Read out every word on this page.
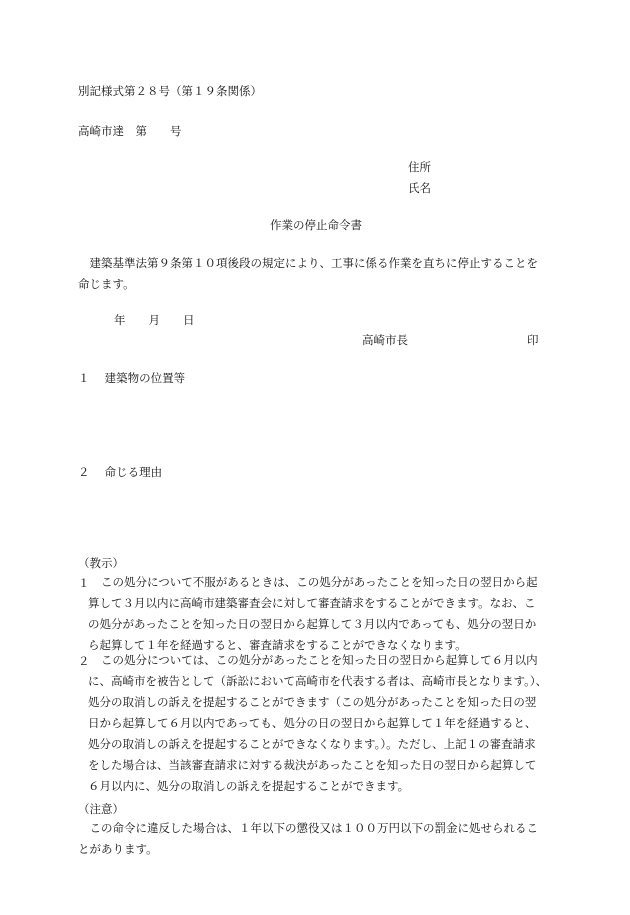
別記様式第２８号（第１９条関係）
高崎市達　第　　号
住所
氏名
作業の停止命令書
　建築基準法第９条第１０項後段の規定により、工事に係る作業を直ちに停止することを
命じます。
年　　月　　日
高崎市長	印
１　 建築物の位置等
２　 命じる理由
（教示）
１	この処分について不服があるときは、この処分があったことを知った日の翌日から起
算して３月以内に高崎市建築審査会に対して審査請求をすることができます。なお、こ
の処分があったことを知った日の翌日から起算して３月以内であっても、処分の翌日か
ら起算して１年を経過すると、審査請求をすることができなくなります。
２	この処分については、この処分があったことを知った日の翌日から起算して６月以内
に、高崎市を被告として（訴訟において高崎市を代表する者は、高崎市長となります。）、
処分の取消しの訴えを提起することができます（この処分があったことを知った日の翌
日から起算して６月以内であっても、処分の日の翌日から起算して１年を経過すると、
処分の取消しの訴えを提起することができなくなります。）。ただし、上記１の審査請求
をした場合は、当該審査請求に対する裁決があったことを知った日の翌日から起算して
６月以内に、処分の取消しの訴えを提起することができます。
（注意）
　この命令に違反した場合は、１年以下の懲役又は１００万円以下の罰金に処せられるこ
とがあります。
